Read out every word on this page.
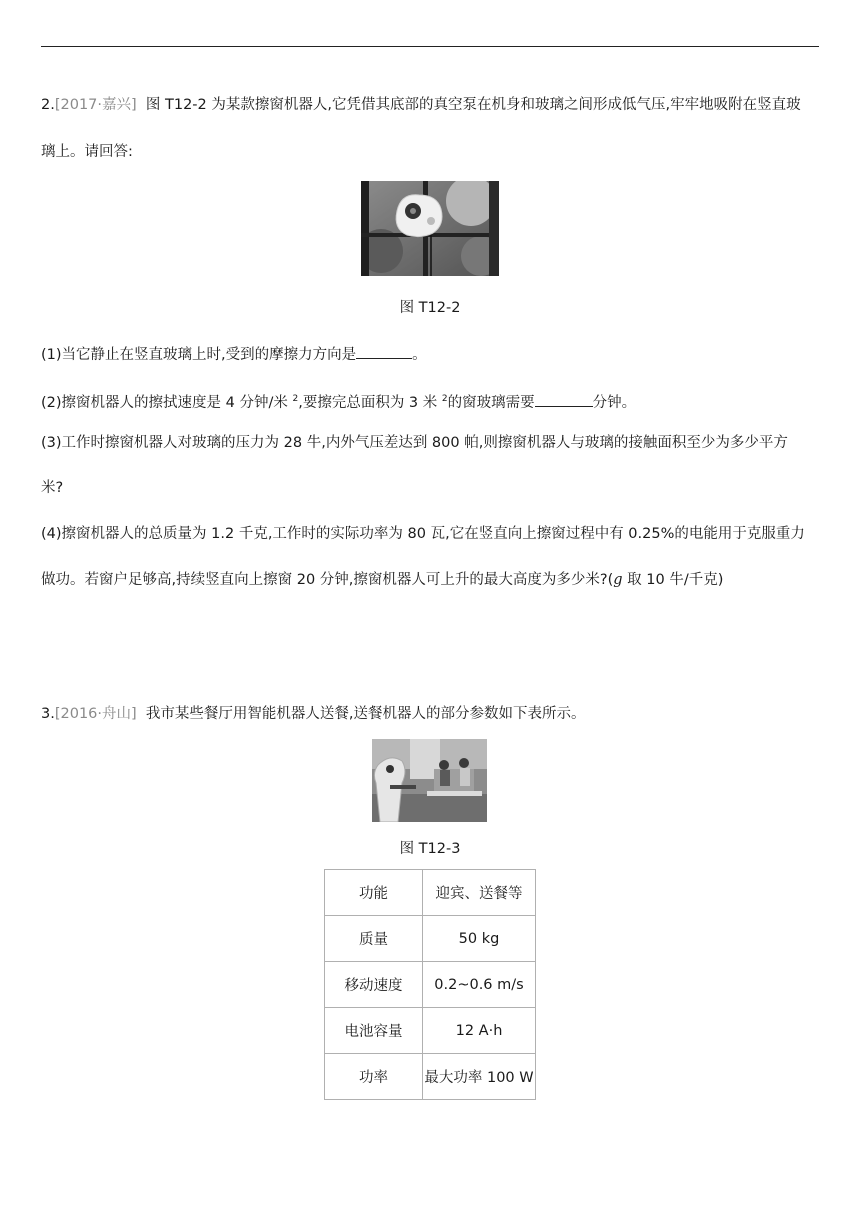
2.[2017·嘉兴] 图 T12-2 为某款擦窗机器人,它凭借其底部的真空泵在机身和玻璃之间形成低气压,牢牢地吸附在竖直玻
璃上。请回答:
图 T12-2
(1)当它静止在竖直玻璃上时,受到的摩擦力方向是	。
(2)擦窗机器人的擦拭速度是 4 分钟/米 $^2$,要擦完总面积为 3 米 $^2$的窗玻璃需要	分钟。
(3)工作时擦窗机器人对玻璃的压力为 28 牛,内外气压差达到 800 帕,则擦窗机器人与玻璃的接触面积至少为多少平方
米?
(4)擦窗机器人的总质量为 1.2 千克,工作时的实际功率为 80 瓦,它在竖直向上擦窗过程中有 0.25%的电能用于克服重力
做功。若窗户足够高,持续竖直向上擦窗 20 分钟,擦窗机器人可上升的最大高度为多少米?(g 取 10 牛/千克)
3.[2016·舟山] 我市某些餐厅用智能机器人送餐,送餐机器人的部分参数如下表所示。
图 T12-3
功能	迎宾、送餐等
质量	50 kg
移动速度	0.2~0.6 m/s
电池容量	12 A·h
功率	最大功率 100 W
